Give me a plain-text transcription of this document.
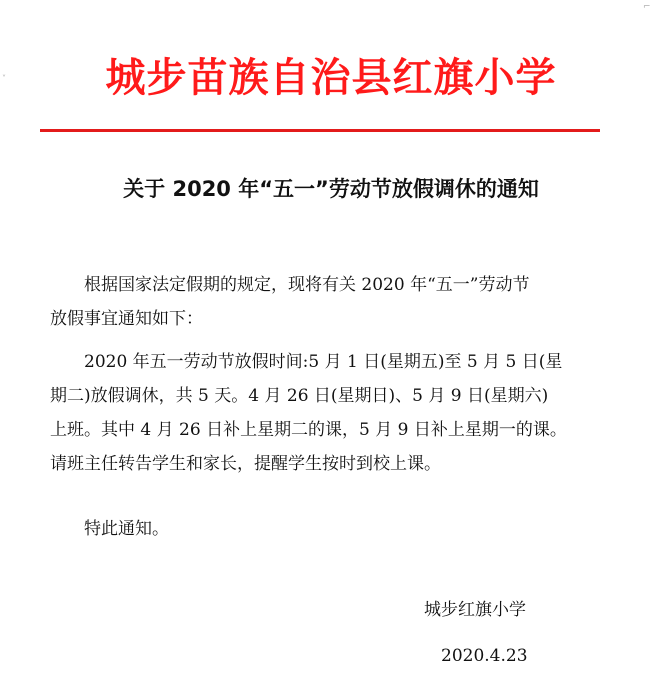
˅
⌐
城步苗族自治县红旗小学
关于 2020 年“五一”劳动节放假调休的通知
根据国家法定假期的规定，现将有关 2020 年“五一”劳动节
放假事宜通知如下：
2020 年五一劳动节放假时间:5 月 1 日(星期五)至 5 月 5 日(星
期二)放假调休，共 5 天。4 月 26 日(星期日)、5 月 9 日(星期六)
上班。其中 4 月 26 日补上星期二的课，5 月 9 日补上星期一的课。
请班主任转告学生和家长，提醒学生按时到校上课。
特此通知。
城步红旗小学
2020.4.23
